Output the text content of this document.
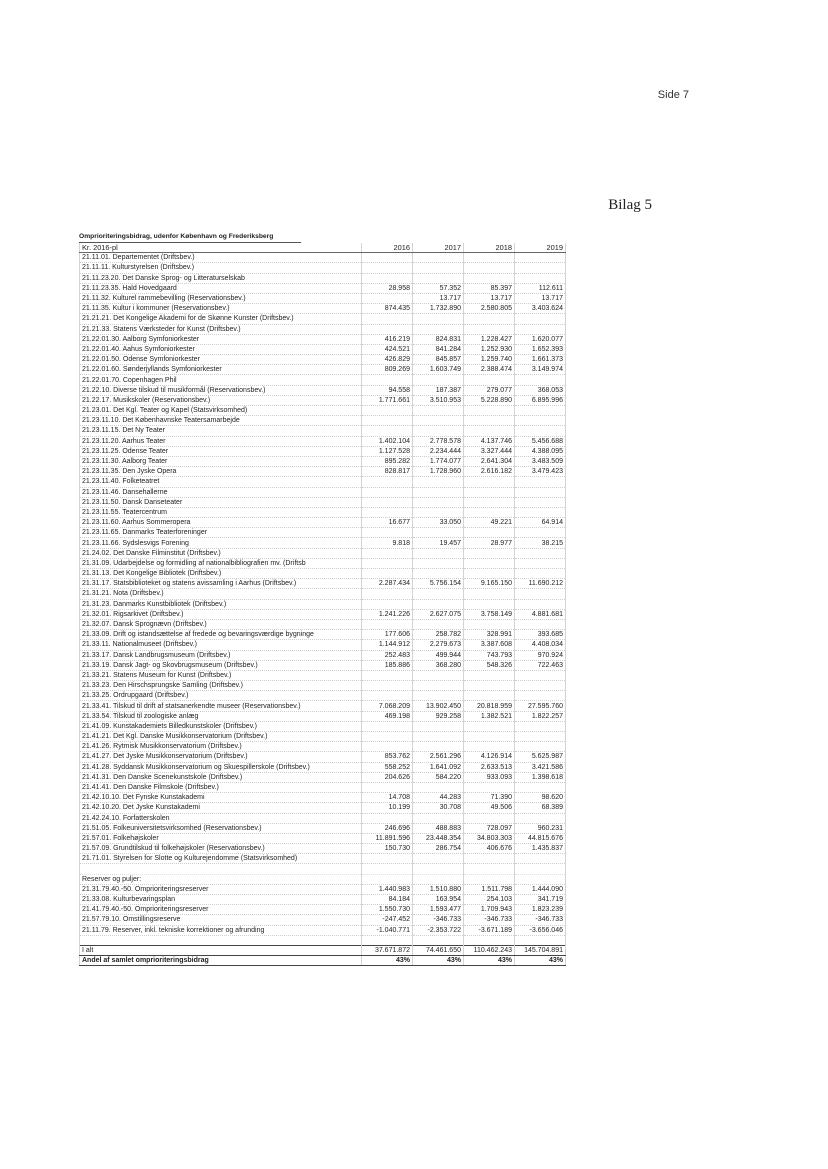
Side 7
Bilag 5
Omprioriteringsbidrag, udenfor København og Frederiksberg
Kr. 2016-pl	2016	2017	2018	2019
21.11.01. Departementet (Driftsbev.)				
21.11.11. Kulturstyrelsen (Driftsbev.)				
21.11.23.20. Det Danske Sprog- og Litteraturselskab				
21.11.23.35. Hald Hovedgaard	28.958	57.352	85.397	112.611
21.11.32. Kulturel rammebevilling (Reservationsbev.)		13.717	13.717	13.717
21.11.35. Kultur i kommuner (Reservationsbev.)	874.435	1.732.890	2.580.805	3.403.624
21.21.21. Det Kongelige Akademi for de Skønne Kunster (Driftsbev.)				
21.21.33. Statens Værksteder for Kunst (Driftsbev.)				
21.22.01.30. Aalborg Symfoniorkester	416.219	824.831	1.228.427	1.620.077
21.22.01.40. Aahus Symfoniorkester	424.521	841.284	1.252.930	1.652.393
21.22.01.50. Odense Symfoniorkester	426.829	845.857	1.259.740	1.661.373
21.22.01.60. Sønderjyllands Symfoniorkester	809.269	1.603.749	2.388.474	3.149.974
21.22.01.70. Copenhagen Phil				
21.22.10. Diverse tilskud til musikformål (Reservationsbev.)	94.558	187.387	279.077	368.053
21.22.17. Musikskoler (Reservationsbev.)	1.771.661	3.510.953	5.228.890	6.895.996
21.23.01. Det Kgl. Teater og Kapel (Statsvirksomhed)				
21.23.11.10. Det Københavnske Teatersamarbejde				
21.23.11.15. Det Ny Teater				
21.23.11.20. Aarhus Teater	1.402.104	2.778.578	4.137.746	5.456.688
21.23.11.25. Odense Teater	1.127.528	2.234.444	3.327.444	4.388.095
21.23.11.30. Aalborg Teater	895.282	1.774.077	2.641.304	3.483.509
21.23.11.35. Den Jyske Opera	828.817	1.728.960	2.616.182	3.479.423
21.23.11.40. Folketeatret				
21.23.11.46. Dansehallerne				
21.23.11.50. Dansk Danseteater				
21.23.11.55. Teatercentrum				
21.23.11.60. Aarhus Sommeropera	16.677	33.050	49.221	64.914
21.23.11.65. Danmarks Teaterforeninger				
21.23.11.66. Sydslesvigs Forening	9.818	19.457	28.977	38.215
21.24.02. Det Danske Filminstitut (Driftsbev.)				
21.31.09. Udarbejdelse og formidling af nationalbibliografien mv. (Driftsb				
21.31.13. Det Kongelige Bibliotek (Driftsbev.)				
21.31.17. Statsbiblioteket og statens avissamling i Aarhus (Driftsbev.)	2.287.434	5.756.154	9.165.150	11.690.212
21.31.21. Nota (Driftsbev.)				
21.31.23. Danmarks Kunstbibliotek (Driftsbev.)				
21.32.01. Rigsarkivet (Driftsbev.)	1.241.226	2.627.075	3.758.149	4.881.681
21.32.07. Dansk Sprognævn (Driftsbev.)				
21.33.09. Drift og istandsættelse af fredede og bevaringsværdige bygninge	177.606	258.782	328.991	393.685
21.33.11. Nationalmuseet (Driftsbev.)	1.144.912	2.279.673	3.387.608	4.408.034
21.33.17. Dansk Landbrugsmuseum (Driftsbev.)	252.483	499.944	743.793	970.924
21.33.19. Dansk Jagt- og Skovbrugsmuseum (Driftsbev.)	185.886	368.280	548.326	722.463
21.33.21. Statens Museum for Kunst (Driftsbev.)				
21.33.23. Den Hirschsprungske Samling (Driftsbev.)				
21.33.25. Ordrupgaard (Driftsbev.)				
21.33.41. Tilskud til drift af statsanerkendte museer (Reservationsbev.)	7.068.209	13.902.450	20.818.959	27.595.760
21.33.54. Tilskud til zoologiske anlæg	469.198	929.258	1.382.521	1.822.257
21.41.09. Kunstakademiets Billedkunstskoler (Driftsbev.)				
21.41.21. Det Kgl. Danske Musikkonservatorium (Driftsbev.)				
21.41.26. Rytmisk Musikkonservatorium (Driftsbev.)				
21.41.27. Det Jyske Musikkonservatorium (Driftsbev.)	853.762	2.561.296	4.126.914	5.625.987
21.41.28. Syddansk Musikkonservatorium og Skuespillerskole (Driftsbev.)	558.252	1.641.092	2.633.513	3.421.586
21.41.31. Den Danske Scenekunstskole (Driftsbev.)	204.626	584.220	933.093	1.398.618
21.41.41. Den Danske Filmskole (Driftsbev.)				
21.42.10.10. Det Fynske Kunstakademi	14.708	44.283	71.390	98.620
21.42.10.20. Det Jyske Kunstakademi	10.199	30.708	49.506	68.389
21.42.24.10. Forfatterskolen				
21.51.05. Folkeuniversitetsvirksomhed (Reservationsbev.)	246.696	488.883	728.097	960.231
21.57.01. Folkehøjskoler	11.891.596	23.448.354	34.803.303	44.815.676
21.57.09. Grundtilskud til folkehøjskoler (Reservationsbev.)	150.730	286.754	406.676	1.435.837
21.71.01. Styrelsen for Slotte og Kulturejendomme (Statsvirksomhed)				

Reserver og puljer:				
21.31.79.40.-50. Omprioriteringsreserver	1.440.983	1.510.880	1.511.798	1.444.090
21.33.08. Kulturbevaringsplan	84.184	163.954	254.103	341.719
21.41.79.40.-50. Omprioriteringsreserver	1.550.730	1.593.477	1.709.943	1.823.239
21.57.79.10. Omstillingsreserve	-247.452	-346.733	-346.733	-346.733
21.11.79. Reserver, inkl. tekniske korrektioner og afrunding	-1.040.771	-2.353.722	-3.671.189	-3.656.046

I alt	37.671.872	74.461.650	110.462.243	145.704.891
Andel af samlet omprioriteringsbidrag	43%	43%	43%	43%
